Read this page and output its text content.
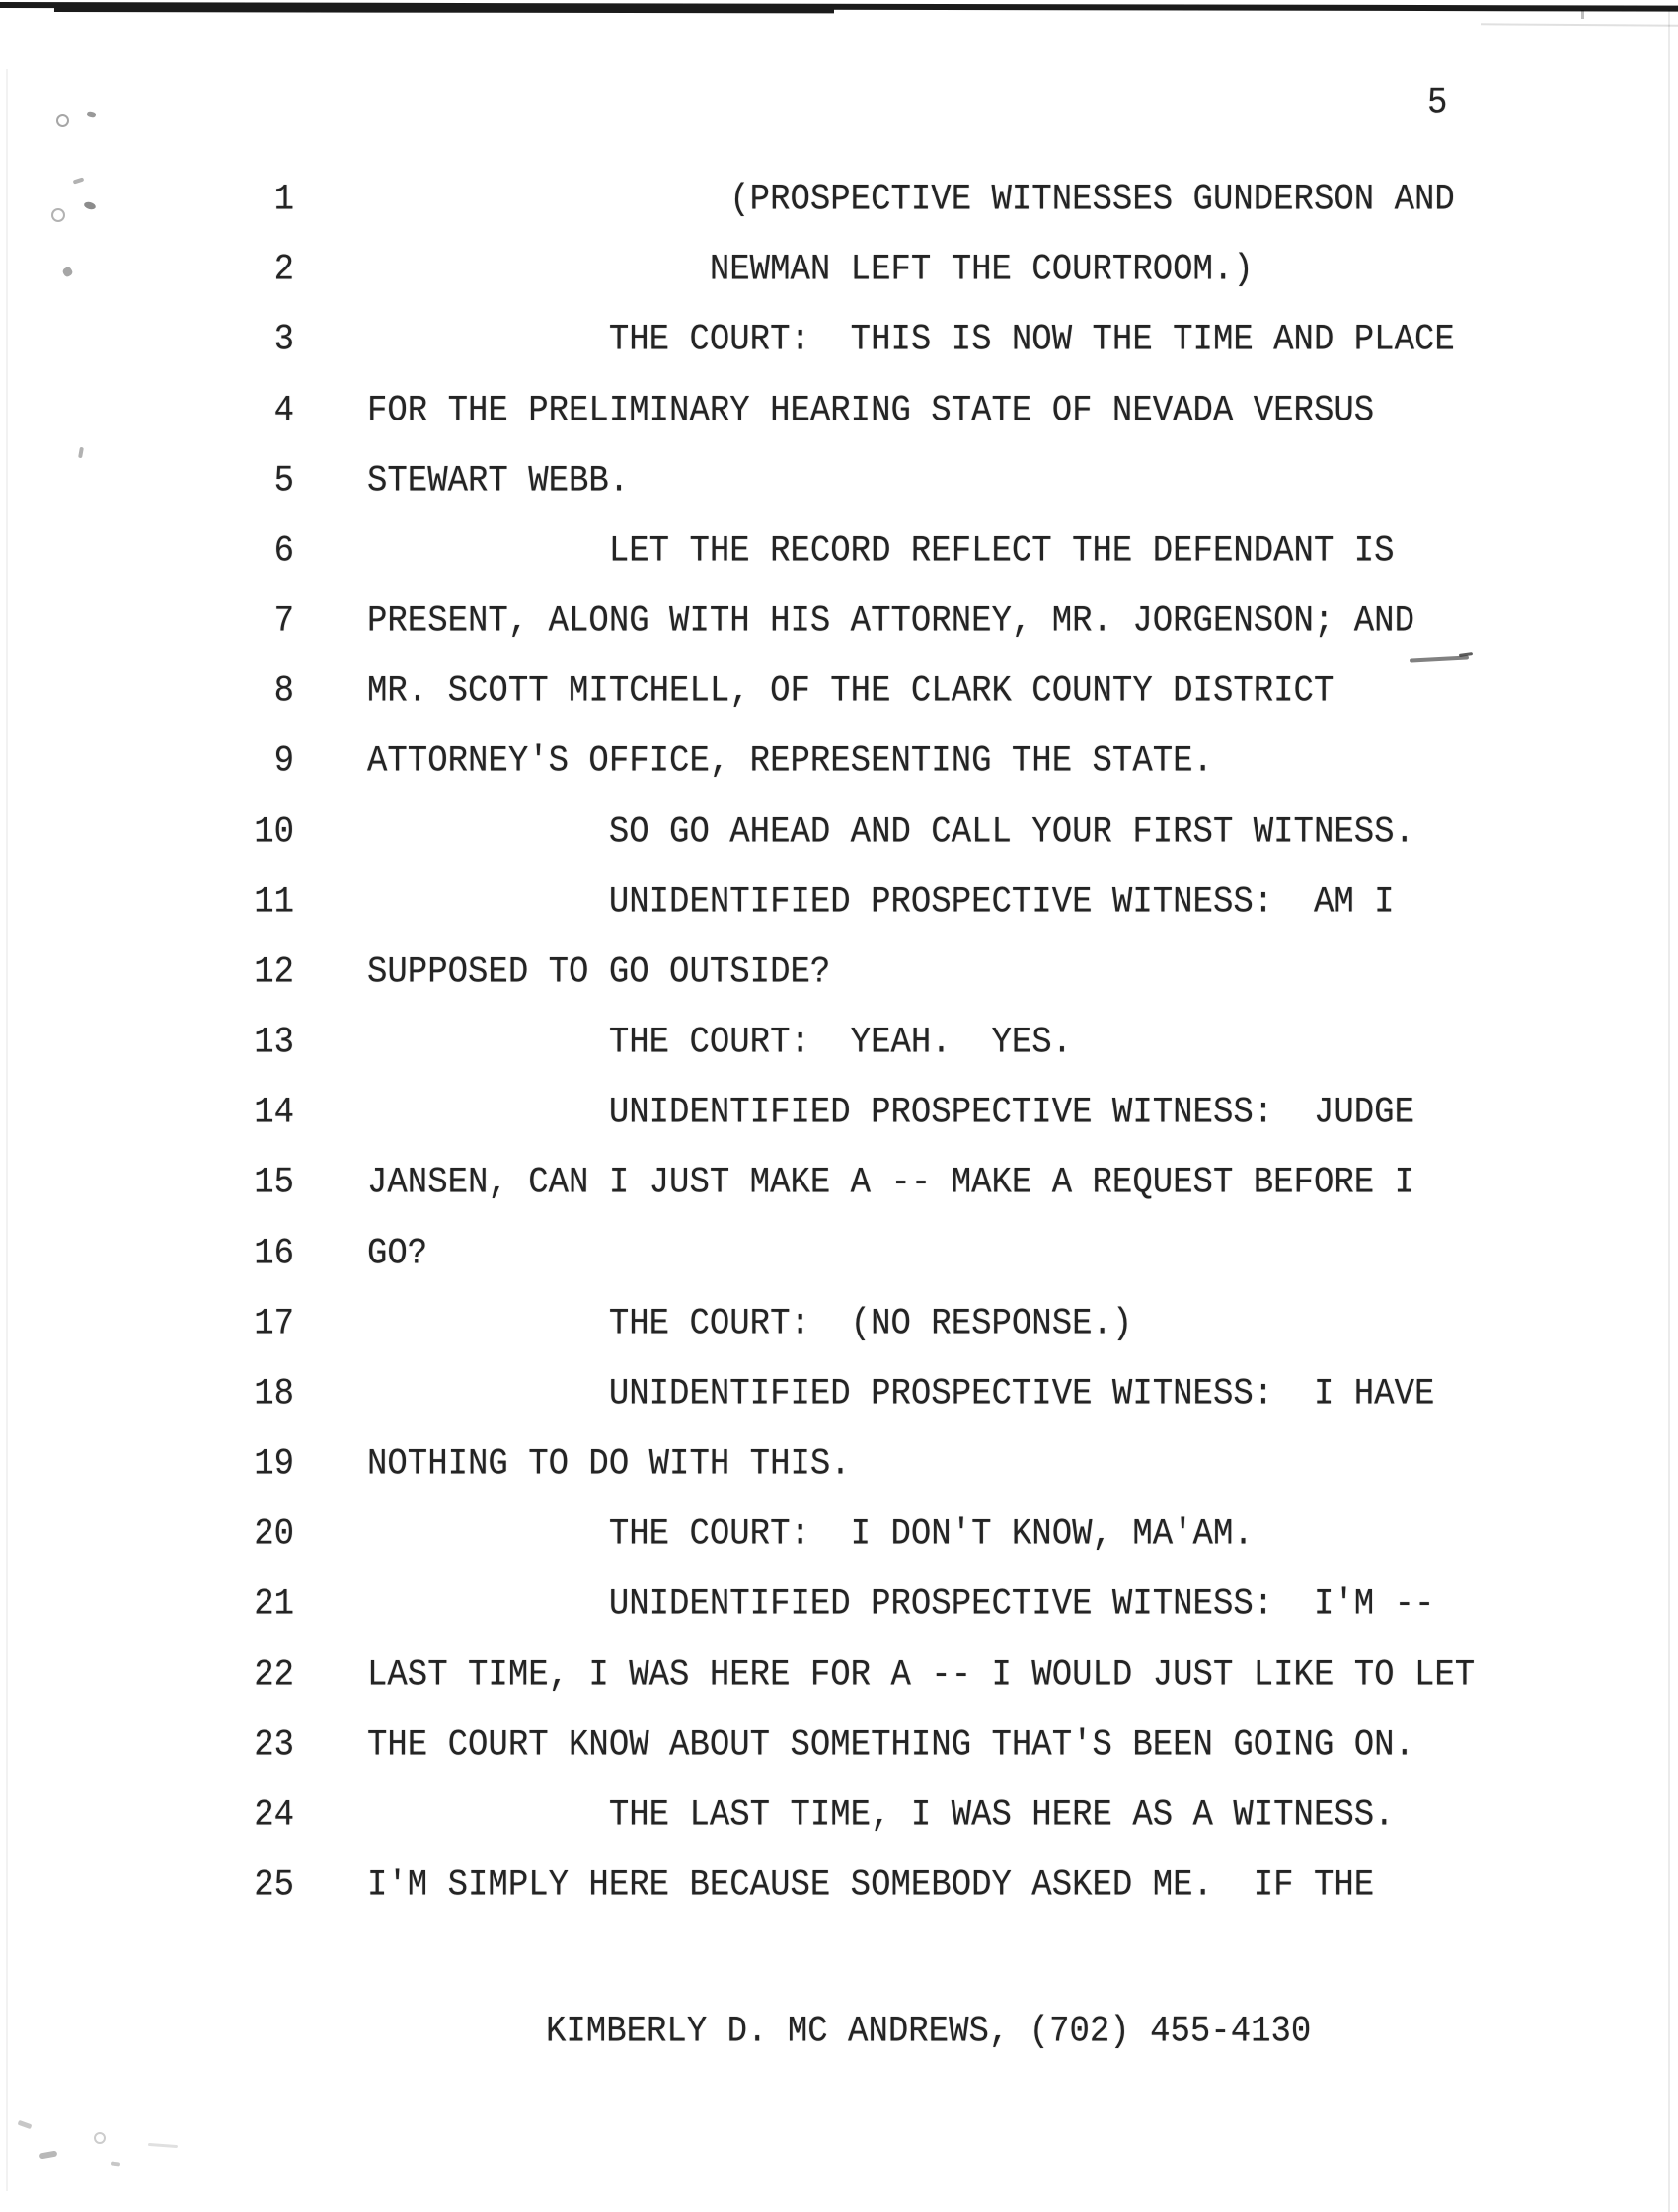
5
1 (PROSPECTIVE WITNESSES GUNDERSON AND
2 NEWMAN LEFT THE COURTROOM.)
3 THE COURT:  THIS IS NOW THE TIME AND PLACE
4 FOR THE PRELIMINARY HEARING STATE OF NEVADA VERSUS
5 STEWART WEBB.
6 LET THE RECORD REFLECT THE DEFENDANT IS
7 PRESENT, ALONG WITH HIS ATTORNEY, MR. JORGENSON; AND
8 MR. SCOTT MITCHELL, OF THE CLARK COUNTY DISTRICT
9 ATTORNEY'S OFFICE, REPRESENTING THE STATE.
10 SO GO AHEAD AND CALL YOUR FIRST WITNESS.
11 UNIDENTIFIED PROSPECTIVE WITNESS:  AM I
12 SUPPOSED TO GO OUTSIDE?
13 THE COURT:  YEAH.  YES.
14 UNIDENTIFIED PROSPECTIVE WITNESS:  JUDGE
15 JANSEN, CAN I JUST MAKE A -- MAKE A REQUEST BEFORE I
16 GO?
17 THE COURT:  (NO RESPONSE.)
18 UNIDENTIFIED PROSPECTIVE WITNESS:  I HAVE
19 NOTHING TO DO WITH THIS.
20 THE COURT:  I DON'T KNOW, MA'AM.
21 UNIDENTIFIED PROSPECTIVE WITNESS:  I'M --
22 LAST TIME, I WAS HERE FOR A -- I WOULD JUST LIKE TO LET
23 THE COURT KNOW ABOUT SOMETHING THAT'S BEEN GOING ON.
24 THE LAST TIME, I WAS HERE AS A WITNESS.
25 I'M SIMPLY HERE BECAUSE SOMEBODY ASKED ME.  IF THE
KIMBERLY D. MC ANDREWS, (702) 455-4130
